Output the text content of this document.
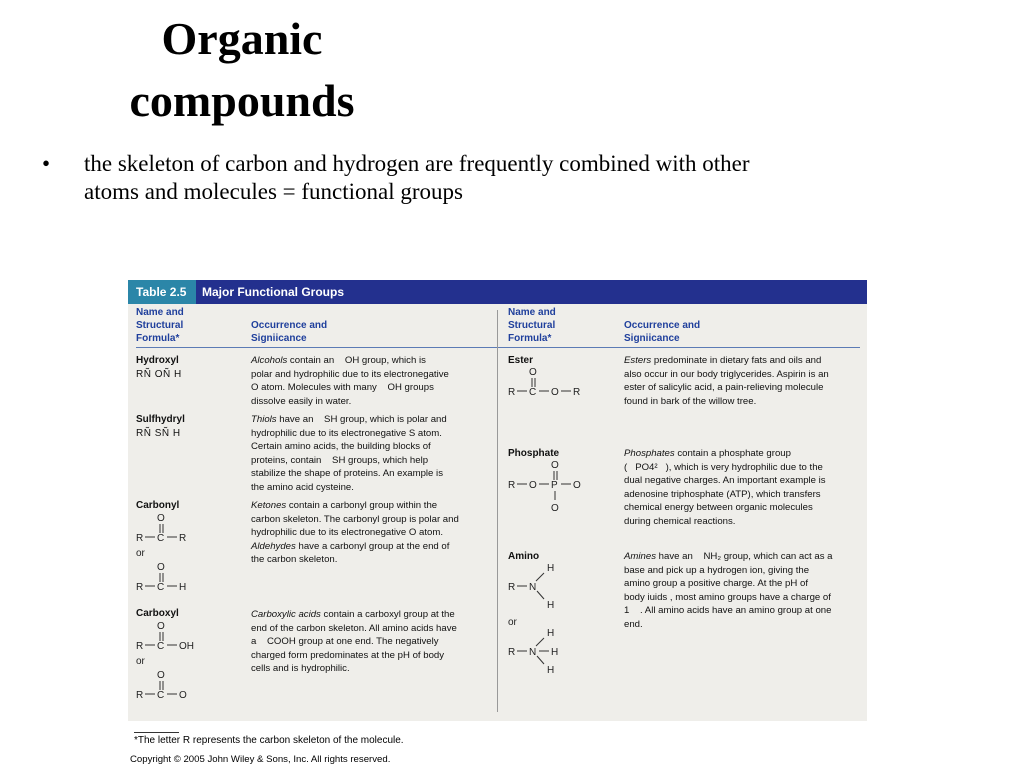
Organic
compounds
• the skeleton of carbon and hydrogen are frequently combined with other
atoms and molecules = functional groups
Table 2.5	Major Functional Groups
Name and
Structural
Formula*
Occurrence and
Signiicance
Name and
Structural
Formula*
Occurrence and
Signiicance
Hydroxyl
RÑ OÑ H
Alcohols contain an    OH group, which is
polar and hydrophilic due to its electronegative
O atom. Molecules with many    OH groups
dissolve easily in water.
Sulfhydryl
RÑ SÑ H
Thiols have an    SH group, which is polar and
hydrophilic due to its electronegative S atom.
Certain amino acids, the building blocks of
proteins, contain    SH groups, which help
stabilize the shape of proteins. An example is
the amino acid cysteine.
Carbonyl
O
R C R
or
O
R C H
Ketones contain a carbonyl group within the
carbon skeleton. The carbonyl group is polar and
hydrophilic due to its electronegative O atom.
Aldehydes have a carbonyl group at the end of
the carbon skeleton.
Carboxyl
O
R C OH
or
O
R C O
Carboxylic acids contain a carboxyl group at the
end of the carbon skeleton. All amino acids have
a    COOH group at one end. The negatively
charged form predominates at the pH of body
cells and is hydrophilic.
Ester
O
R C O R
Esters predominate in dietary fats and oils and
also occur in our body triglycerides. Aspirin is an
ester of salicylic acid, a pain-relieving molecule
found in bark of the willow tree.
Phosphate
O
R O P O
O
Phosphates contain a phosphate group
(   PO4²   ), which is very hydrophilic due to the
dual negative charges. An important example is
adenosine triphosphate (ATP), which transfers
chemical energy between organic molecules
during chemical reactions.
Amino
H
R N
H
or
H
R N H
H
Amines have an    NH₂ group, which can act as a
base and pick up a hydrogen ion, giving the
amino group a positive charge. At the pH of
body iuids , most amino groups have a charge of
1    . All amino acids have an amino group at one
end.
*The letter R represents the carbon skeleton of the molecule.
Copyright © 2005 John Wiley & Sons, Inc. All rights reserved.
